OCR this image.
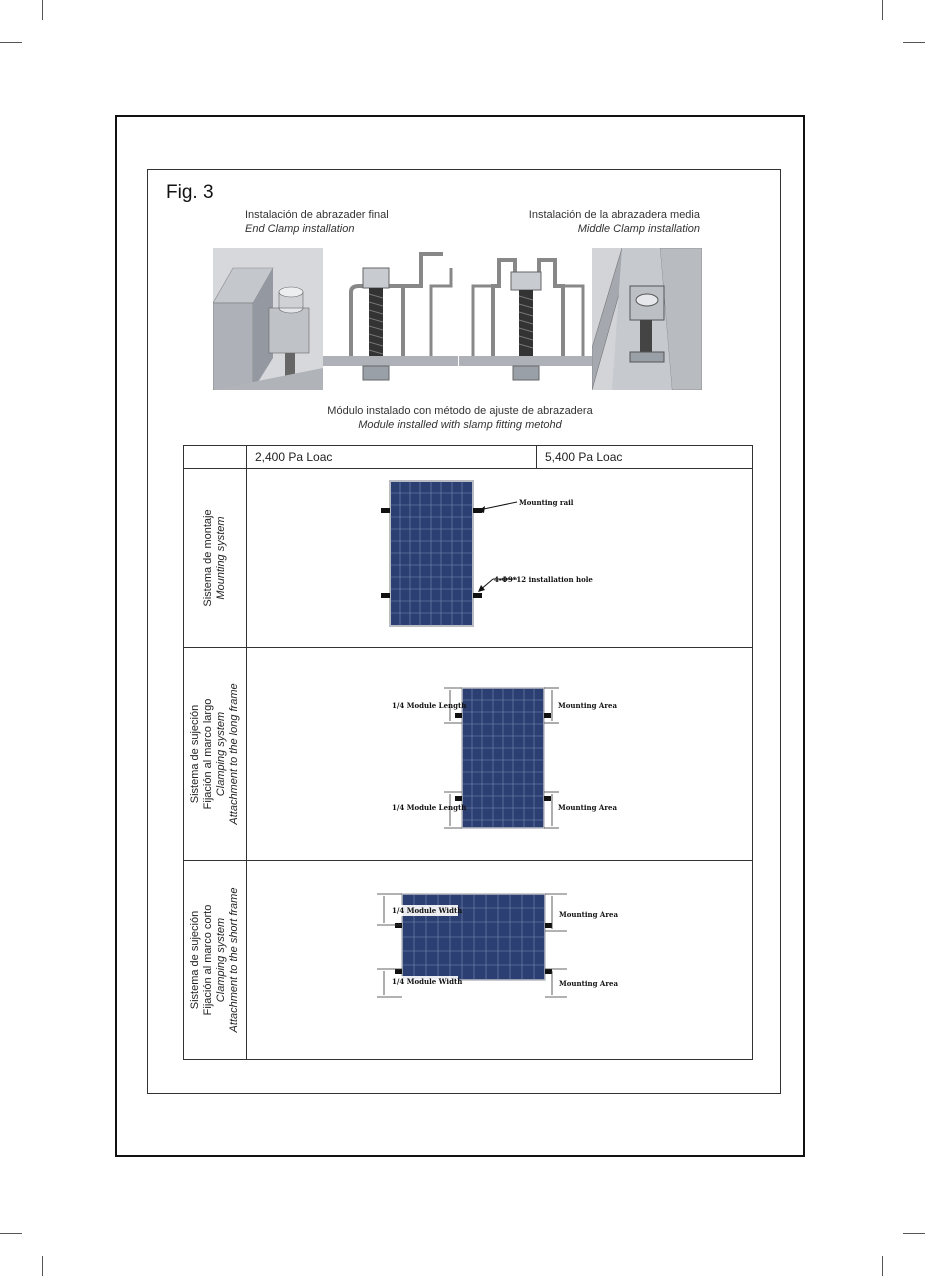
Fig. 3
Instalación de abrazader final
End Clamp installation
Instalación de la abrazadera media
Middle Clamp installation
Módulo instalado con método de ajuste de abrazadera
Module installed with slamp fitting metohd
	2,400 Pa Loac	5,400 Pa Loac

Sistema de montaje Mounting system	Mounting rail
4-Φ9*12 installation hole	

Sistema de sujeción Fijación al marco largo Clamping system Attachment to the long frame	1/4 Module Length Mounting Area
1/4 Module Length Mounting Area	

Sistema de sujeción Fijación al marco corto Clamping system Attachment to the short frame	1/4 Module Width Mounting Area
1/4 Module Width Mounting Area	
